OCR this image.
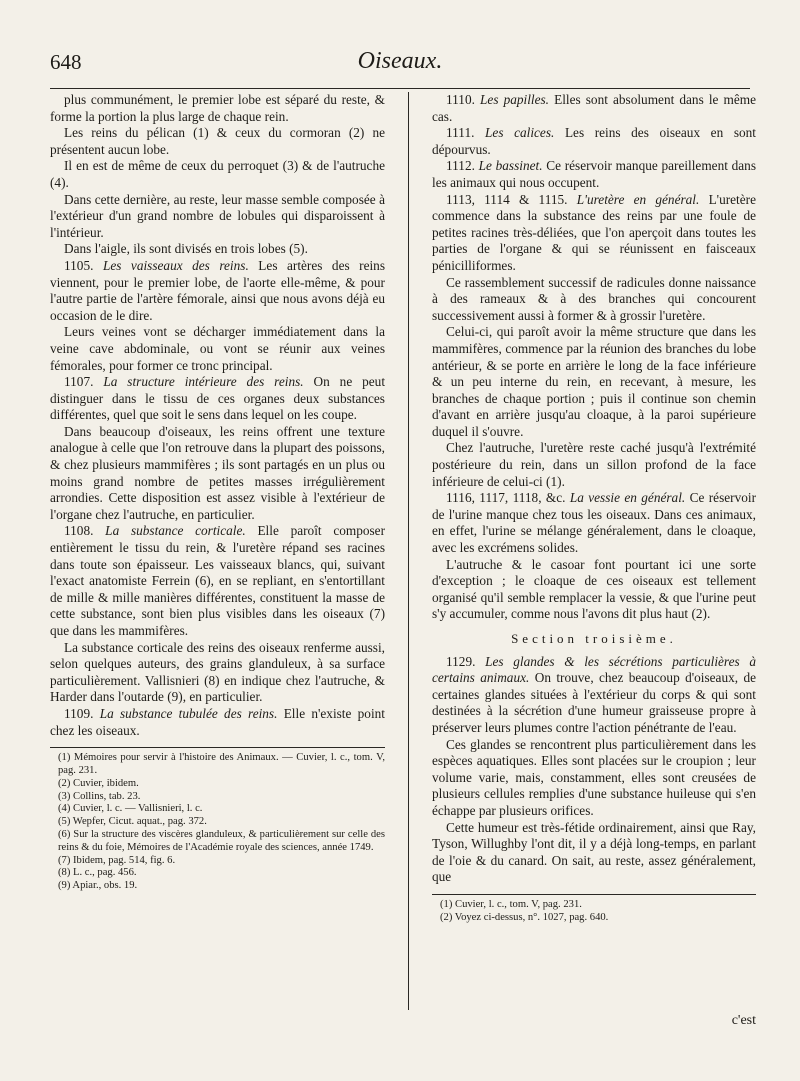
648	Oiseaux.

plus communément, le premier lobe est séparé du reste, & forme la portion la plus large de chaque rein.

Les reins du pélican (1) & ceux du cormoran (2) ne présentent aucun lobe.

Il en est de même de ceux du perroquet (3) & de l'autruche (4).

Dans cette dernière, au reste, leur masse semble composée à l'extérieur d'un grand nombre de lobules qui disparoissent à l'intérieur.

Dans l'aigle, ils sont divisés en trois lobes (5).

1105. Les vaisseaux des reins. Les artères des reins viennent, pour le premier lobe, de l'aorte elle-même, & pour l'autre partie de l'artère fémorale, ainsi que nous avons déjà eu occasion de le dire.

Leurs veines vont se décharger immédiatement dans la veine cave abdominale, ou vont se réunir aux veines fémorales, pour former ce tronc principal.

1107. La structure intérieure des reins. On ne peut distinguer dans le tissu de ces organes deux substances différentes, quel que soit le sens dans lequel on les coupe.

Dans beaucoup d'oiseaux, les reins offrent une texture analogue à celle que l'on retrouve dans la plupart des poissons, & chez plusieurs mammifères ; ils sont partagés en un plus ou moins grand nombre de petites masses irrégulièrement arrondies. Cette disposition est assez visible à l'extérieur de l'organe chez l'autruche, en particulier.

1108. La substance corticale. Elle paroît composer entièrement le tissu du rein, & l'uretère répand ses racines dans toute son épaisseur. Les vaisseaux blancs, qui, suivant l'exact anatomiste Ferrein (6), en se repliant, en s'entortillant de mille & mille manières différentes, constituent la masse de cette substance, sont bien plus visibles dans les oiseaux (7) que dans les mammifères.

La substance corticale des reins des oiseaux renferme aussi, selon quelques auteurs, des grains glanduleux, à sa surface particulièrement. Vallisnieri (8) en indique chez l'autruche, & Harder dans l'outarde (9), en particulier.

1109. La substance tubulée des reins. Elle n'existe point chez les oiseaux.

(1) Mémoires pour servir à l'histoire des Animaux. — Cuvier, l. c., tom. V, pag. 231.
(2) Cuvier, ibidem.
(3) Collins, tab. 23.
(4) Cuvier, l. c. — Vallisnieri, l. c.
(5) Wepfer, Cicut. aquat., pag. 372.
(6) Sur la structure des viscères glanduleux, & particulièrement sur celle des reins & du foie, Mémoires de l'Académie royale des sciences, année 1749.
(7) Ibidem, pag. 514, fig. 6.
(8) L. c., pag. 456.
(9) Apiar., obs. 19.

1110. Les papilles. Elles sont absolument dans le même cas.

1111. Les calices. Les reins des oiseaux en sont dépourvus.

1112. Le bassinet. Ce réservoir manque pareillement dans les animaux qui nous occupent.

1113, 1114 & 1115. L'uretère en général. L'uretère commence dans la substance des reins par une foule de petites racines très-déliées, que l'on aperçoit dans toutes les parties de l'organe & qui se réunissent en faisceaux pénicilliformes.

Ce rassemblement successif de radicules donne naissance à des rameaux & à des branches qui concourent successivement aussi à former & à grossir l'uretère.

Celui-ci, qui paroît avoir la même structure que dans les mammifères, commence par la réunion des branches du lobe antérieur, & se porte en arrière le long de la face inférieure & un peu interne du rein, en recevant, à mesure, les branches de chaque portion ; puis il continue son chemin d'avant en arrière jusqu'au cloaque, à la paroi supérieure duquel il s'ouvre.

Chez l'autruche, l'uretère reste caché jusqu'à l'extrémité postérieure du rein, dans un sillon profond de la face inférieure de celui-ci (1).

1116, 1117, 1118, &c. La vessie en général. Ce réservoir de l'urine manque chez tous les oiseaux. Dans ces animaux, en effet, l'urine se mélange généralement, dans le cloaque, avec les excrémens solides.

L'autruche & le casoar font pourtant ici une sorte d'exception ; le cloaque de ces oiseaux est tellement organisé qu'il semble remplacer la vessie, & que l'urine peut s'y accumuler, comme nous l'avons dit plus haut (2).

Section troisième.

1129. Les glandes & les sécrétions particulières à certains animaux. On trouve, chez beaucoup d'oiseaux, de certaines glandes situées à l'extérieur du corps & qui sont destinées à la sécrétion d'une humeur graisseuse propre à préserver leurs plumes contre l'action pénétrante de l'eau.

Ces glandes se rencontrent plus particulièrement dans les espèces aquatiques. Elles sont placées sur le croupion ; leur volume varie, mais, constamment, elles sont creusées de plusieurs cellules remplies d'une substance huileuse qui s'en échappe par plusieurs orifices.

Cette humeur est très-fétide ordinairement, ainsi que Ray, Tyson, Willughby l'ont dit, il y a déjà long-temps, en parlant de l'oie & du canard. On sait, au reste, assez généralement, que

(1) Cuvier, l. c., tom. V, pag. 231.
(2) Voyez ci-dessus, n°. 1027, pag. 640.
c'est
